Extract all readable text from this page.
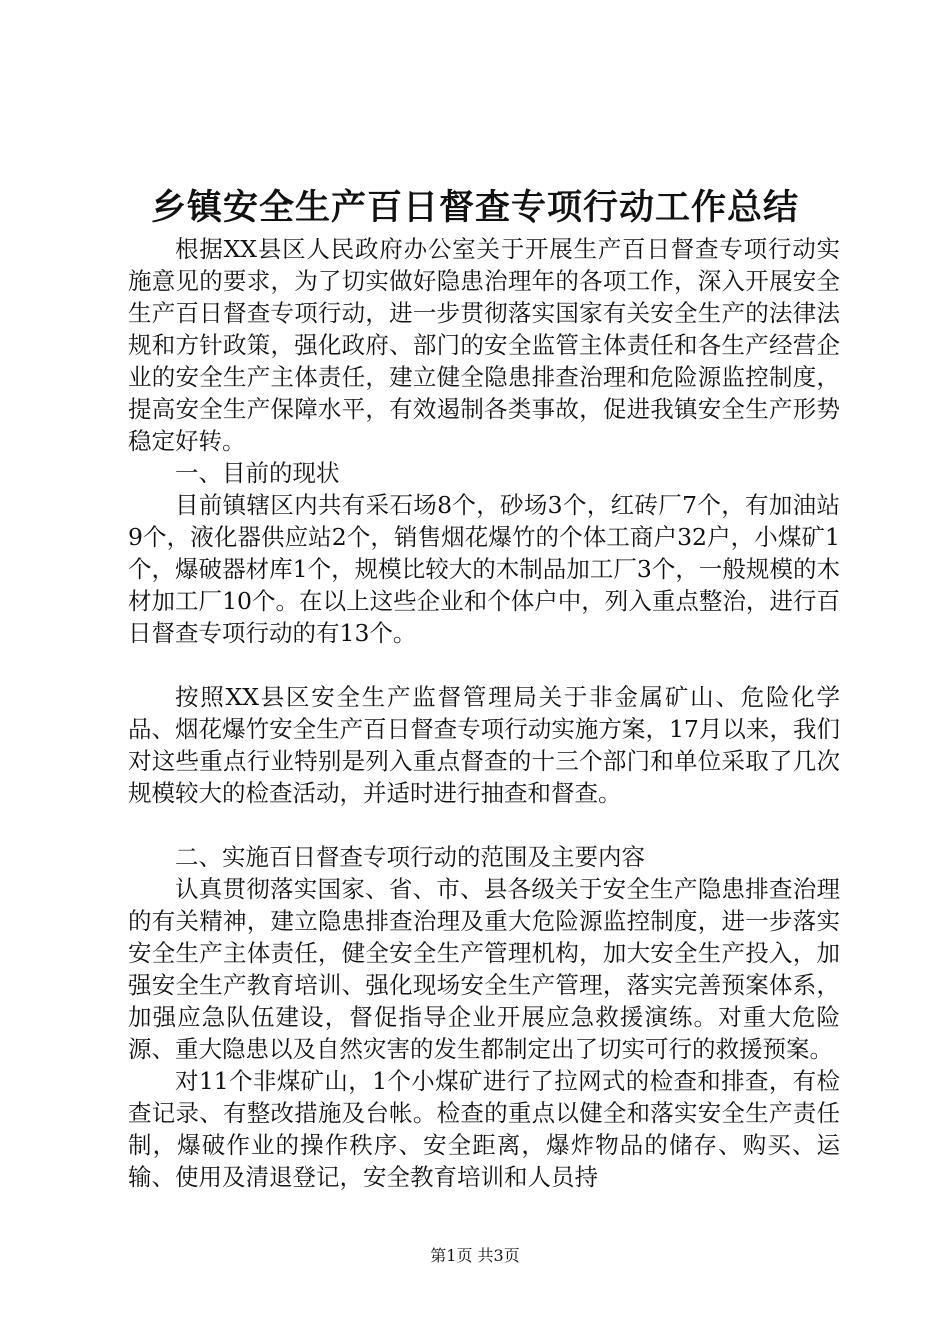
乡镇安全生产百日督查专项行动工作总结

根据XX县区人民政府办公室关于开展生产百日督查专项行动实施意见的要求，为了切实做好隐患治理年的各项工作，深入开展安全生产百日督查专项行动，进一步贯彻落实国家有关安全生产的法律法规和方针政策，强化政府、部门的安全监管主体责任和各生产经营企业的安全生产主体责任，建立健全隐患排查治理和危险源监控制度，提高安全生产保障水平，有效遏制各类事故，促进我镇安全生产形势稳定好转。

一、目前的现状

目前镇辖区内共有采石场8个，砂场3个，红砖厂7个，有加油站9个，液化器供应站2个，销售烟花爆竹的个体工商户32户，小煤矿1个，爆破器材库1个，规模比较大的木制品加工厂3个，一般规模的木材加工厂10个。在以上这些企业和个体户中，列入重点整治，进行百日督查专项行动的有13个。

按照XX县区安全生产监督管理局关于非金属矿山、危险化学品、烟花爆竹安全生产百日督查专项行动实施方案，17月以来，我们对这些重点行业特别是列入重点督查的十三个部门和单位采取了几次规模较大的检查活动，并适时进行抽查和督查。

二、实施百日督查专项行动的范围及主要内容

认真贯彻落实国家、省、市、县各级关于安全生产隐患排查治理的有关精神，建立隐患排查治理及重大危险源监控制度，进一步落实安全生产主体责任，健全安全生产管理机构，加大安全生产投入，加强安全生产教育培训、强化现场安全生产管理，落实完善预案体系，加强应急队伍建设，督促指导企业开展应急救援演练。对重大危险源、重大隐患以及自然灾害的发生都制定出了切实可行的救援预案。

对11个非煤矿山，1个小煤矿进行了拉网式的检查和排查，有检查记录、有整改措施及台帐。检查的重点以健全和落实安全生产责任制，爆破作业的操作秩序、安全距离，爆炸物品的储存、购买、运输、使用及清退登记，安全教育培训和人员持

第1页 共3页
